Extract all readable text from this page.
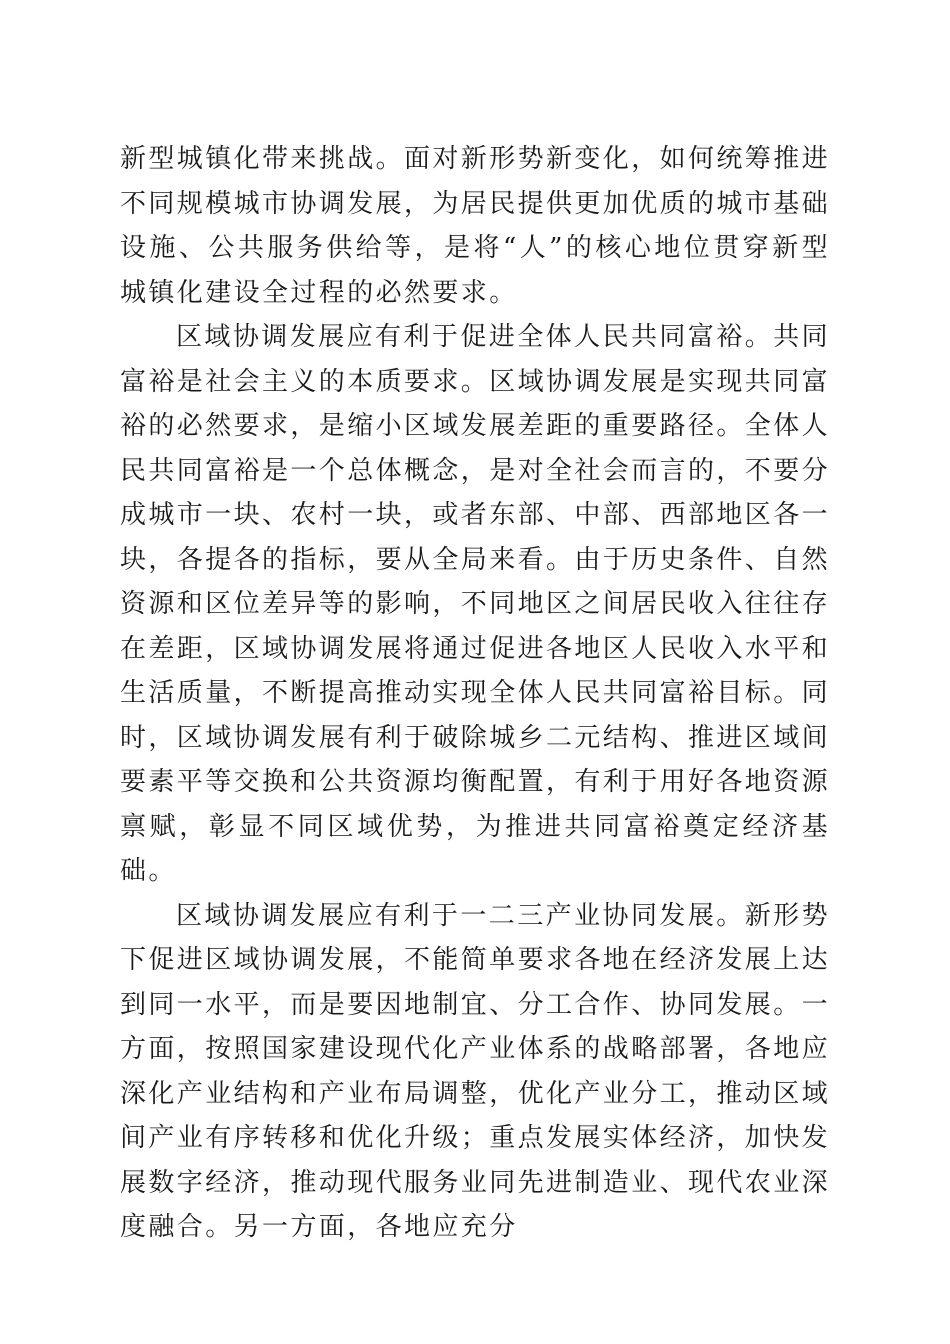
新型城镇化带来挑战。面对新形势新变化，如何统筹推进不同规模城市协调发展，为居民提供更加优质的城市基础设施、公共服务供给等，是将“人”的核心地位贯穿新型城镇化建设全过程的必然要求。

区域协调发展应有利于促进全体人民共同富裕。共同富裕是社会主义的本质要求。区域协调发展是实现共同富裕的必然要求，是缩小区域发展差距的重要路径。全体人民共同富裕是一个总体概念，是对全社会而言的，不要分成城市一块、农村一块，或者东部、中部、西部地区各一块，各提各的指标，要从全局来看。由于历史条件、自然资源和区位差异等的影响，不同地区之间居民收入往往存在差距，区域协调发展将通过促进各地区人民收入水平和生活质量，不断提高推动实现全体人民共同富裕目标。同时，区域协调发展有利于破除城乡二元结构、推进区域间要素平等交换和公共资源均衡配置，有利于用好各地资源禀赋，彰显不同区域优势，为推进共同富裕奠定经济基础。

区域协调发展应有利于一二三产业协同发展。新形势下促进区域协调发展，不能简单要求各地在经济发展上达到同一水平，而是要因地制宜、分工合作、协同发展。一方面，按照国家建设现代化产业体系的战略部署，各地应深化产业结构和产业布局调整，优化产业分工，推动区域间产业有序转移和优化升级；重点发展实体经济，加快发展数字经济，推动现代服务业同先进制造业、现代农业深度融合。另一方面，各地应充分
